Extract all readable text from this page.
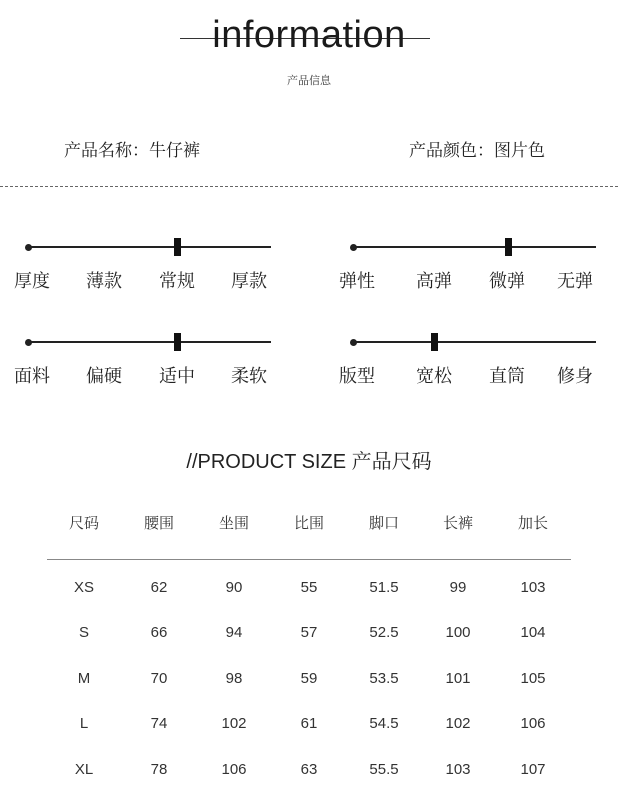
information
产品信息
产品名称：牛仔裤	产品颜色：图片色
厚度	薄款	常规	厚款	弹性	高弹	微弹	无弹
面料	偏硬	适中	柔软	版型	宽松	直筒	修身
//PRODUCT SIZE 产品尺码
尺码	腰围	坐围	比围	脚口	长裤	加长
XS	62	90	55	51.5	99	103
S	66	94	57	52.5	100	104
M	70	98	59	53.5	101	105
L	74	102	61	54.5	102	106
XL	78	106	63	55.5	103	107
